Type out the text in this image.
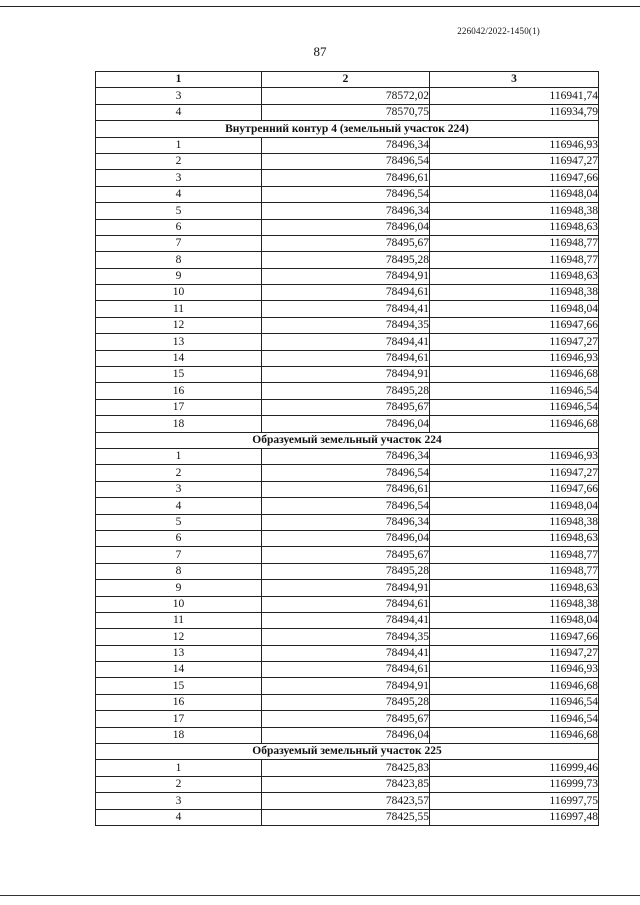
226042/2022-1450(1)
87
1	2	3
3	78572,02	116941,74
4	78570,75	116934,79
Внутренний контур 4 (земельный участок 224)		
1	78496,34	116946,93
2	78496,54	116947,27
3	78496,61	116947,66
4	78496,54	116948,04
5	78496,34	116948,38
6	78496,04	116948,63
7	78495,67	116948,77
8	78495,28	116948,77
9	78494,91	116948,63
10	78494,61	116948,38
11	78494,41	116948,04
12	78494,35	116947,66
13	78494,41	116947,27
14	78494,61	116946,93
15	78494,91	116946,68
16	78495,28	116946,54
17	78495,67	116946,54
18	78496,04	116946,68
Образуемый земельный участок 224		
1	78496,34	116946,93
2	78496,54	116947,27
3	78496,61	116947,66
4	78496,54	116948,04
5	78496,34	116948,38
6	78496,04	116948,63
7	78495,67	116948,77
8	78495,28	116948,77
9	78494,91	116948,63
10	78494,61	116948,38
11	78494,41	116948,04
12	78494,35	116947,66
13	78494,41	116947,27
14	78494,61	116946,93
15	78494,91	116946,68
16	78495,28	116946,54
17	78495,67	116946,54
18	78496,04	116946,68
Образуемый земельный участок 225		
1	78425,83	116999,46
2	78423,85	116999,73
3	78423,57	116997,75
4	78425,55	116997,48
